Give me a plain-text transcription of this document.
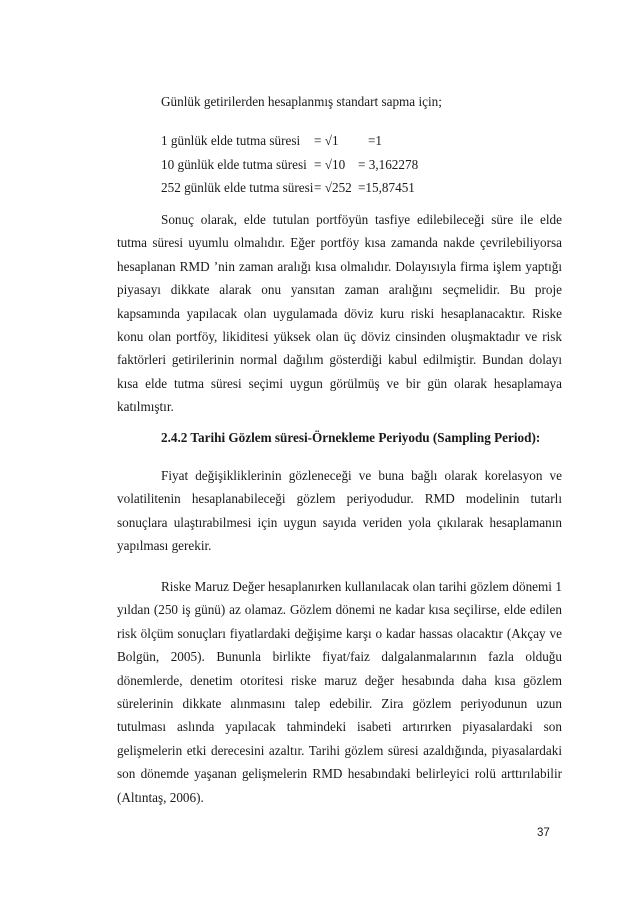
Günlük getirilerden hesaplanmış standart sapma için;
1 günlük elde tutma süresi = √1 =1
10 günlük elde tutma süresi = √10 = 3,162278
252 günlük elde tutma süresi = √252 =15,87451

Sonuç olarak, elde tutulan portföyün tasfiye edilebileceği süre ile elde tutma süresi uyumlu olmalıdır. Eğer portföy kısa zamanda nakde çevrilebiliyorsa hesaplanan RMD ’nin zaman aralığı kısa olmalıdır. Dolayısıyla firma işlem yaptığı piyasayı dikkate alarak onu yansıtan zaman aralığını seçmelidir. Bu proje kapsamında yapılacak olan uygulamada döviz kuru riski hesaplanacaktır. Riske konu olan portföy, likiditesi yüksek olan üç döviz cinsinden oluşmaktadır ve risk faktörleri getirilerinin normal dağılım gösterdiği kabul edilmiştir. Bundan dolayı kısa elde tutma süresi seçimi uygun görülmüş ve bir gün olarak hesaplamaya katılmıştır.

2.4.2 Tarihi Gözlem süresi-Örnekleme Periyodu (Sampling Period):

Fiyat değişikliklerinin gözleneceği ve buna bağlı olarak korelasyon ve volatilitenin hesaplanabileceği gözlem periyodudur. RMD modelinin tutarlı sonuçlara ulaştırabilmesi için uygun sayıda veriden yola çıkılarak hesaplamanın yapılması gerekir.

Riske Maruz Değer hesaplanırken kullanılacak olan tarihi gözlem dönemi 1 yıldan (250 iş günü) az olamaz. Gözlem dönemi ne kadar kısa seçilirse, elde edilen risk ölçüm sonuçları fiyatlardaki değişime karşı o kadar hassas olacaktır (Akçay ve Bolgün, 2005). Bununla birlikte fiyat/faiz dalgalanmalarının fazla olduğu dönemlerde, denetim otoritesi riske maruz değer hesabında daha kısa gözlem sürelerinin dikkate alınmasını talep edebilir. Zira gözlem periyodunun uzun tutulması aslında yapılacak tahmindeki isabeti artırırken piyasalardaki son gelişmelerin etki derecesini azaltır. Tarihi gözlem süresi azaldığında, piyasalardaki son dönemde yaşanan gelişmelerin RMD hesabındaki belirleyici rolü arttırılabilir (Altıntaş, 2006).

37
